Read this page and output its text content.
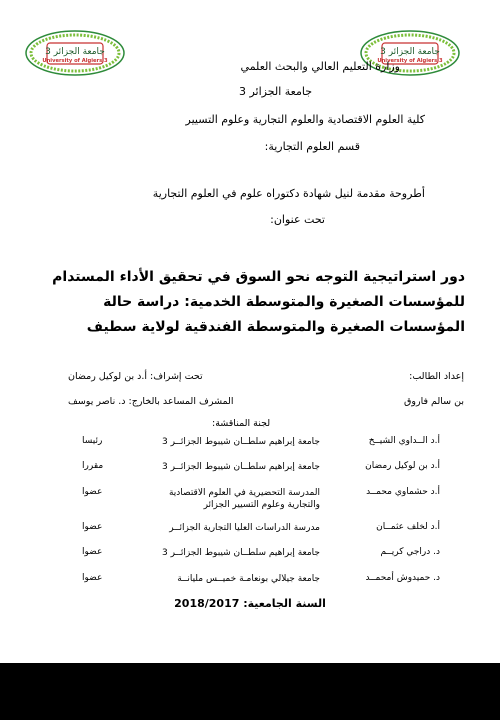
جامعة الجزائر 3
University of Algiers 3
جامعة الجزائر 3
University of Algiers 3
وزارة التعليم العالي والبحث العلمي
جامعة الجزائر 3
كلية العلوم الاقتصادية والعلوم التجارية وعلوم التسيير
قسم العلوم التجارية:
أطروحة مقدمة لنيل شهادة دكتوراه علوم في العلوم التجارية
تحت عنوان:
دور استراتيجية التوجه نحو السوق في تحقيق الأداء المستدام للمؤسسات الصغيرة والمتوسطة الخدمية: دراسة حالة المؤسسات الصغيرة والمتوسطة الفندقية لولاية سطيف
إعداد الطالب:
تحت إشراف: أ.د بن لوكيل رمضان
بن سالم فاروق
المشرف المساعد بالخارج: د. ناصر يوسف
لجنة المناقشة:
أ.د الــداوي الشيــخ
جامعة إبراهيم سلطــان شيبوط الجزائــر 3
رئيسا
أ.د بن لوكيل رمضان
جامعة إبراهيم سلطــان شيبوط الجزائــر 3
مقررا
أ.د حشماوي محمــد
المدرسة التحضيرية في العلوم الاقتصادية والتجارية وعلوم التسيير الجزائر
عضوا
أ.د لخلف عثمــان
مدرسة الدراسات العليا التجارية الجزائــر
عضوا
د. دراجي كريــم
جامعة إبراهيم سلطــان شيبوط الجزائــر 3
عضوا
د. حميدوش أمحمــد
جامعة جيلالي بونعامـة خميــس مليانــة
عضوا
السنة الجامعية: 2018/2017
